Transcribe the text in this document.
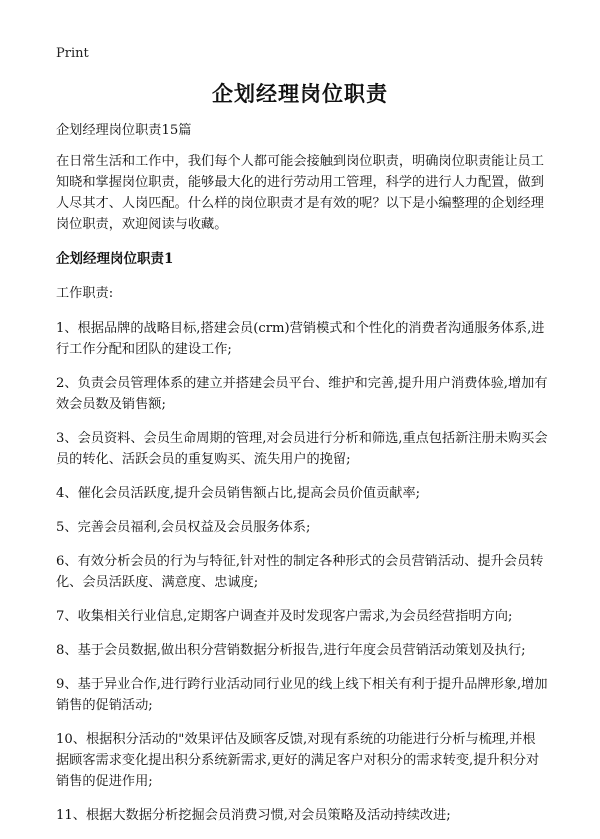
Print
企划经理岗位职责

企划经理岗位职责15篇

在日常生活和工作中，我们每个人都可能会接触到岗位职责，明确岗位职责能让员工知晓和掌握岗位职责，能够最大化的进行劳动用工管理，科学的进行人力配置，做到人尽其才、人岗匹配。什么样的岗位职责才是有效的呢？以下是小编整理的企划经理岗位职责，欢迎阅读与收藏。

企划经理岗位职责1

工作职责:

1、根据品牌的战略目标,搭建会员(crm)营销模式和个性化的消费者沟通服务体系,进行工作分配和团队的建设工作;

2、负责会员管理体系的建立并搭建会员平台、维护和完善,提升用户消费体验,增加有效会员数及销售额;

3、会员资料、会员生命周期的管理,对会员进行分析和筛选,重点包括新注册未购买会员的转化、活跃会员的重复购买、流失用户的挽留;

4、催化会员活跃度,提升会员销售额占比,提高会员价值贡献率;

5、完善会员福利,会员权益及会员服务体系;

6、有效分析会员的行为与特征,针对性的制定各种形式的会员营销活动、提升会员转化、会员活跃度、满意度、忠诚度;

7、收集相关行业信息,定期客户调查并及时发现客户需求,为会员经营指明方向;

8、基于会员数据,做出积分营销数据分析报告,进行年度会员营销活动策划及执行;

9、基于异业合作,进行跨行业活动同行业见的线上线下相关有利于提升品牌形象,增加销售的促销活动;

10、根据积分活动的"效果评估及顾客反馈,对现有系统的功能进行分析与梳理,并根据顾客需求变化提出积分系统新需求,更好的满足客户对积分的需求转变,提升积分对销售的促进作用;

11、根据大数据分析挖掘会员消费习惯,对会员策略及活动持续改进;
